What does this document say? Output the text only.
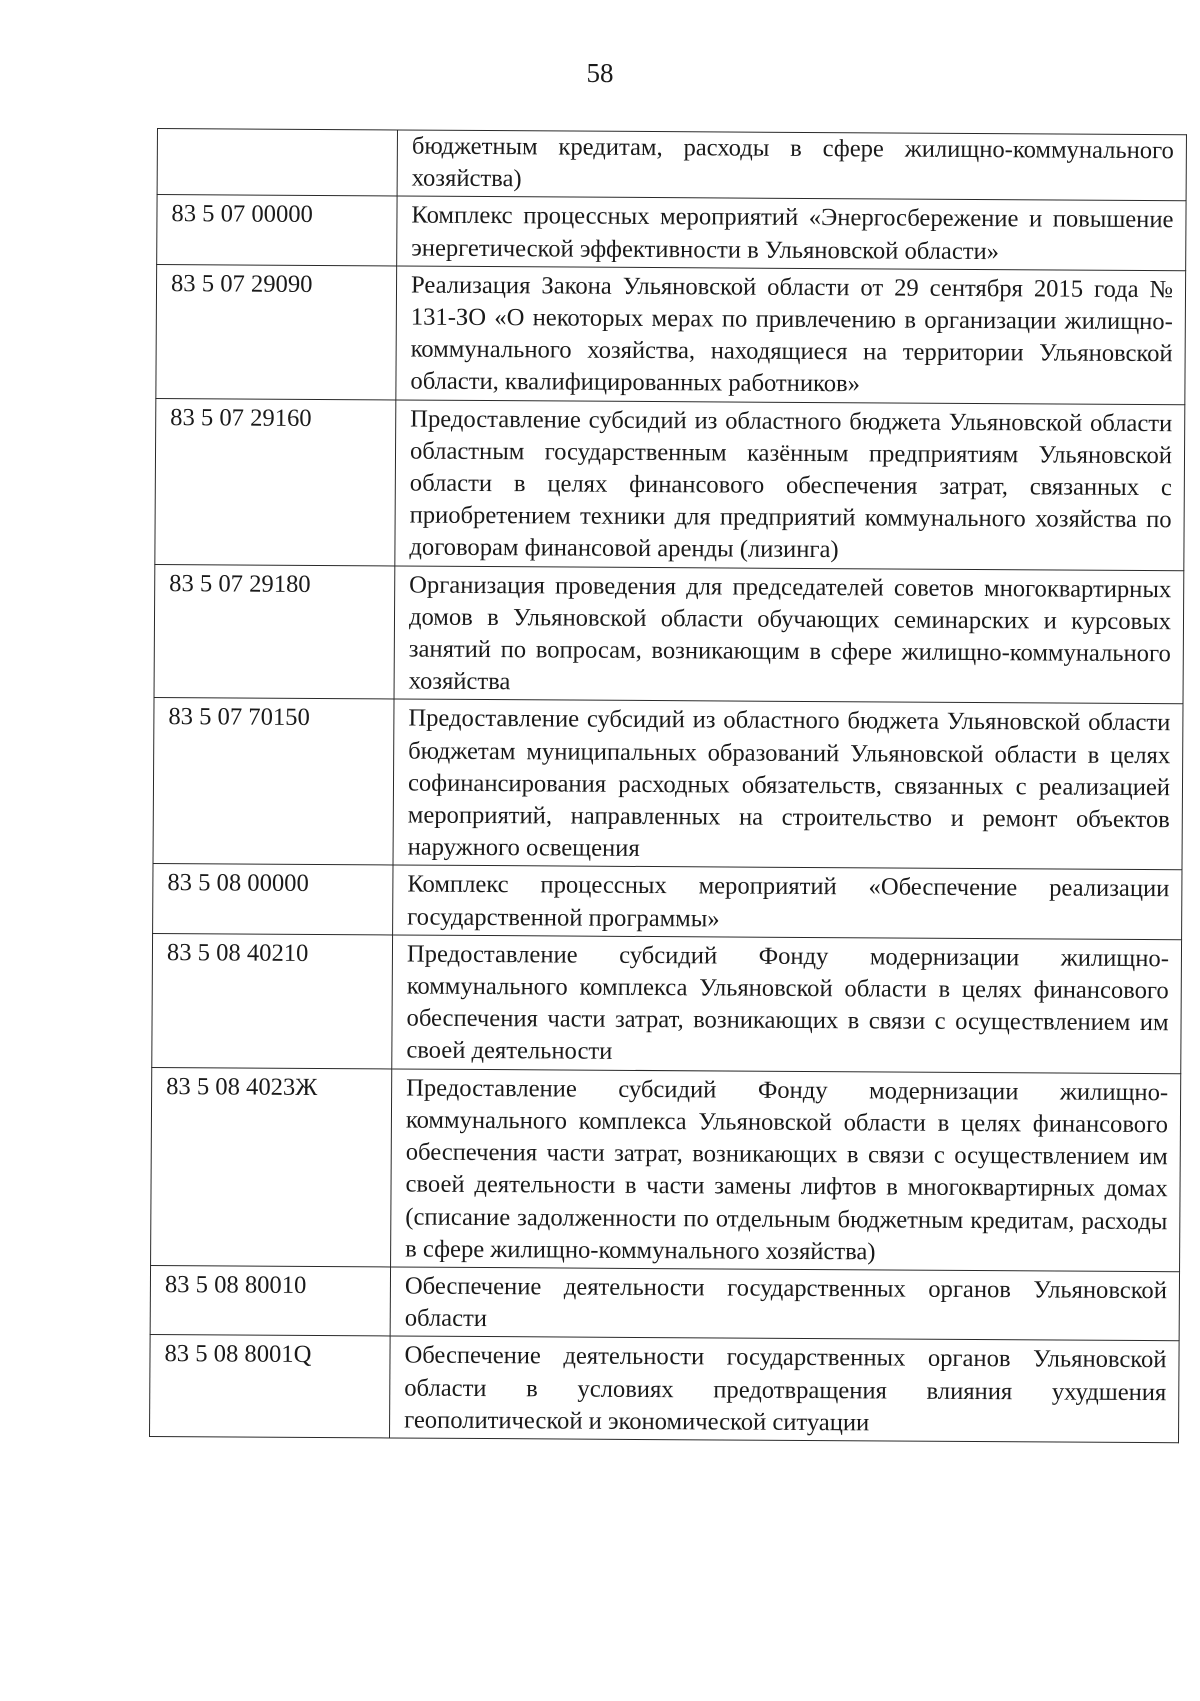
58
	бюджетным кредитам, расходы в сфере жилищно-коммунального хозяйства)
83 5 07 00000	Комплекс процессных мероприятий «Энергосбережение и повышение энергетической эффективности в Ульяновской области»
83 5 07 29090	Реализация Закона Ульяновской области от 29 сентября 2015 года № 131-ЗО «О некоторых мерах по привлечению в организации жилищно-коммунального хозяйства, находящиеся на территории Ульяновской области, квалифицированных работников»
83 5 07 29160	Предоставление субсидий из областного бюджета Ульяновской области областным государственным казённым предприятиям Ульяновской области в целях финансового обеспечения затрат, связанных с приобретением техники для предприятий коммунального хозяйства по договорам финансовой аренды (лизинга)
83 5 07 29180	Организация проведения для председателей советов многоквартирных домов в Ульяновской области обучающих семинарских и курсовых занятий по вопросам, возникающим в сфере жилищно-коммунального хозяйства
83 5 07 70150	Предоставление субсидий из областного бюджета Ульяновской области бюджетам муниципальных образований Ульяновской области в целях софинансирования расходных обязательств, связанных с реализацией мероприятий, направленных на строительство и ремонт объектов наружного освещения
83 5 08 00000	Комплекс процессных мероприятий «Обеспечение реализации государственной программы»
83 5 08 40210	Предоставление субсидий Фонду модернизации жилищно-коммунального комплекса Ульяновской области в целях финансового обеспечения части затрат, возникающих в связи с осуществлением им своей деятельности
83 5 08 4023Ж	Предоставление субсидий Фонду модернизации жилищно-коммунального комплекса Ульяновской области в целях финансового обеспечения части затрат, возникающих в связи с осуществлением им своей деятельности в части замены лифтов в многоквартирных домах (списание задолженности по отдельным бюджетным кредитам, расходы в сфере жилищно-коммунального хозяйства)
83 5 08 80010	Обеспечение деятельности государственных органов Ульяновской области
83 5 08 8001Q	Обеспечение деятельности государственных органов Ульяновской области в условиях предотвращения влияния ухудшения геополитической и экономической ситуации
